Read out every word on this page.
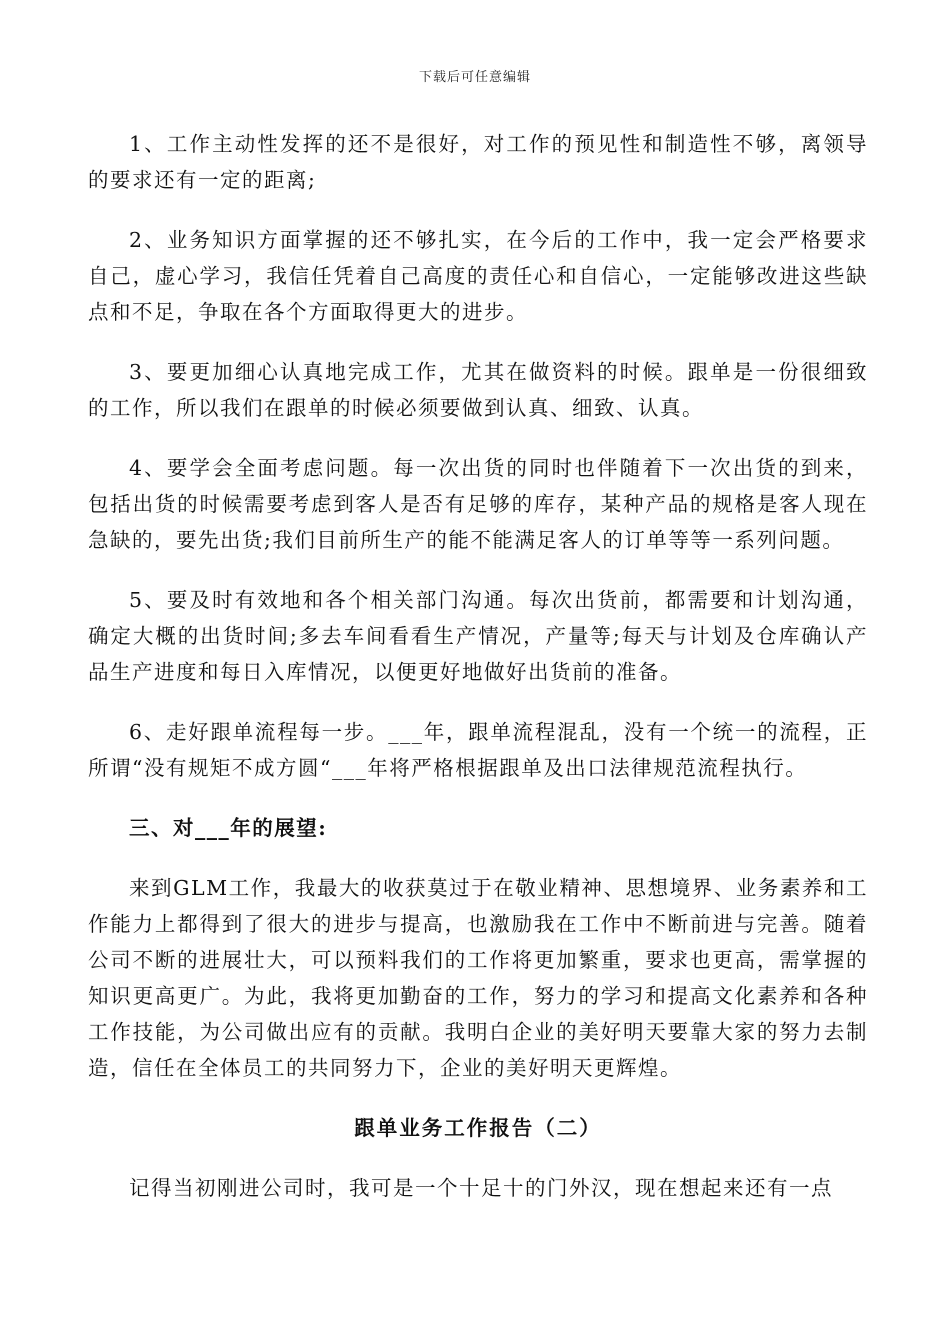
下载后可任意编辑

1、工作主动性发挥的还不是很好，对工作的预见性和制造性不够，离领导的要求还有一定的距离;

2、业务知识方面掌握的还不够扎实，在今后的工作中，我一定会严格要求自己，虚心学习，我信任凭着自己高度的责任心和自信心，一定能够改进这些缺点和不足，争取在各个方面取得更大的进步。

3、要更加细心认真地完成工作，尤其在做资料的时候。跟单是一份很细致的工作，所以我们在跟单的时候必须要做到认真、细致、认真。

4、要学会全面考虑问题。每一次出货的同时也伴随着下一次出货的到来，包括出货的时候需要考虑到客人是否有足够的库存，某种产品的规格是客人现在急缺的，要先出货;我们目前所生产的能不能满足客人的订单等等一系列问题。

5、要及时有效地和各个相关部门沟通。每次出货前，都需要和计划沟通，确定大概的出货时间;多去车间看看生产情况，产量等;每天与计划及仓库确认产品生产进度和每日入库情况，以便更好地做好出货前的准备。

6、走好跟单流程每一步。___年，跟单流程混乱，没有一个统一的流程，正所谓“没有规矩不成方圆“___年将严格根据跟单及出口法律规范流程执行。

三、对___年的展望:

来到GLM工作，我最大的收获莫过于在敬业精神、思想境界、业务素养和工作能力上都得到了很大的进步与提高，也激励我在工作中不断前进与完善。随着公司不断的进展壮大，可以预料我们的工作将更加繁重，要求也更高，需掌握的知识更高更广。为此，我将更加勤奋的工作，努力的学习和提高文化素养和各种工作技能，为公司做出应有的贡献。我明白企业的美好明天要靠大家的努力去制造，信任在全体员工的共同努力下，企业的美好明天更辉煌。

跟单业务工作报告（二）

记得当初刚进公司时，我可是一个十足十的门外汉，现在想起来还有一点
